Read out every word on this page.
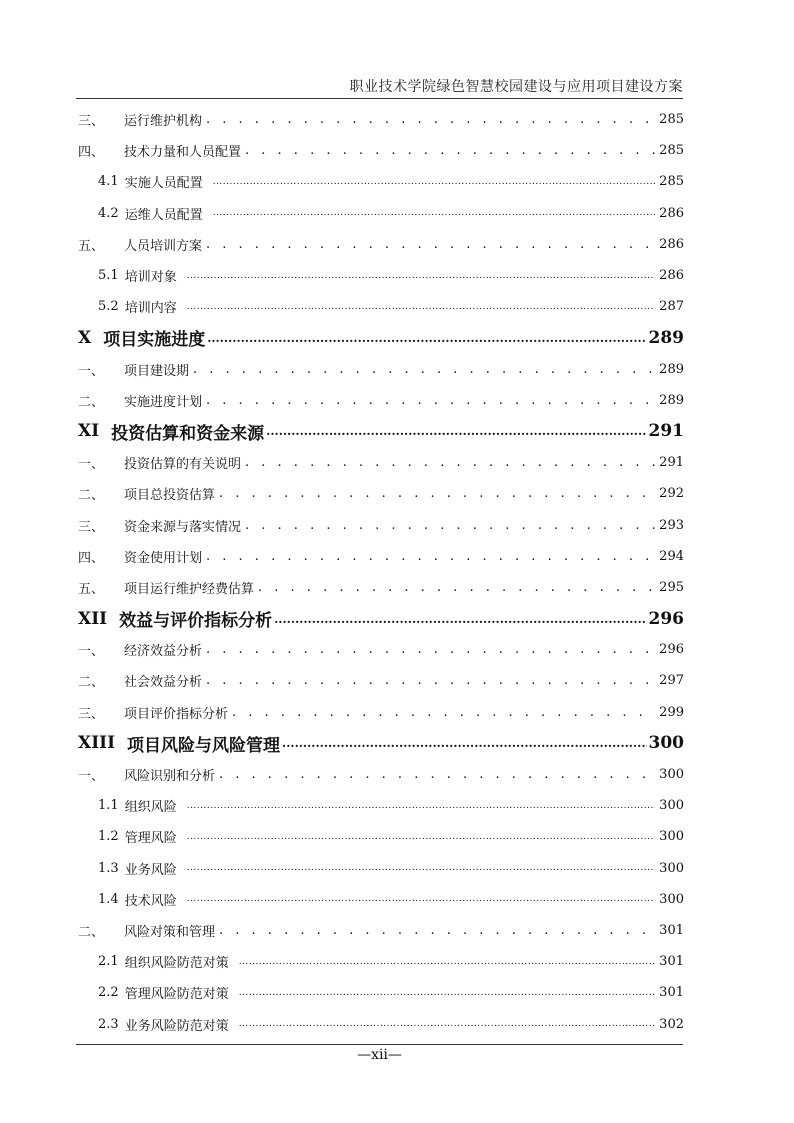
职业技术学院绿色智慧校园建设与应用项目建设方案
三、	运行维护机构 . . .	285
四、	技术力量和人员配置 . . .	285
4.1 实施人员配置 .....	285
4.2 运维人员配置 .....	286
五、	人员培训方案 . . .	286
5.1 培训对象 .....	286
5.2 培训内容 .....	287
X 项目实施进度 .....	289
一、	项目建设期 . . .	289
二、	实施进度计划 . . .	289
XI 投资估算和资金来源 .....	291
一、	投资估算的有关说明 . . .	291
二、	项目总投资估算 . . .	292
三、	资金来源与落实情况 . . .	293
四、	资金使用计划 . . .	294
五、	项目运行维护经费估算 . . .	295
XII 效益与评价指标分析 .....	296
一、	经济效益分析 . . .	296
二、	社会效益分析 . . .	297
三、	项目评价指标分析 . . .	299
XIII 项目风险与风险管理 .....	300
一、	风险识别和分析 . . .	300
1.1 组织风险 .....	300
1.2 管理风险 .....	300
1.3 业务风险 .....	300
1.4 技术风险 .....	300
二、	风险对策和管理 . . .	301
2.1 组织风险防范对策 .....	301
2.2 管理风险防范对策 .....	301
2.3 业务风险防范对策 .....	302
—xii—
